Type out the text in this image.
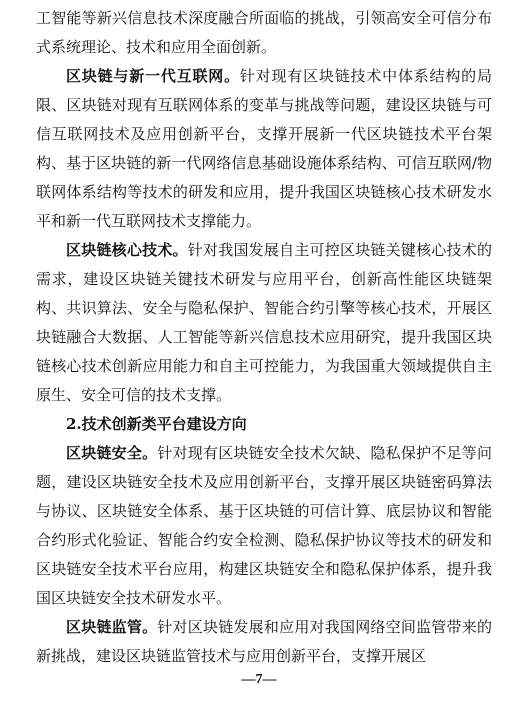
工智能等新兴信息技术深度融合所面临的挑战，引领高安全可信分布式系统理论、技术和应用全面创新。

区块链与新一代互联网。针对现有区块链技术中体系结构的局限、区块链对现有互联网体系的变革与挑战等问题，建设区块链与可信互联网技术及应用创新平台，支撑开展新一代区块链技术平台架构、基于区块链的新一代网络信息基础设施体系结构、可信互联网/物联网体系结构等技术的研发和应用，提升我国区块链核心技术研发水平和新一代互联网技术支撑能力。

区块链核心技术。针对我国发展自主可控区块链关键核心技术的需求，建设区块链关键技术研发与应用平台，创新高性能区块链架构、共识算法、安全与隐私保护、智能合约引擎等核心技术，开展区块链融合大数据、人工智能等新兴信息技术应用研究，提升我国区块链核心技术创新应用能力和自主可控能力，为我国重大领域提供自主原生、安全可信的技术支撑。

2.技术创新类平台建设方向

区块链安全。针对现有区块链安全技术欠缺、隐私保护不足等问题，建设区块链安全技术及应用创新平台，支撑开展区块链密码算法与协议、区块链安全体系、基于区块链的可信计算、底层协议和智能合约形式化验证、智能合约安全检测、隐私保护协议等技术的研发和区块链安全技术平台应用，构建区块链安全和隐私保护体系，提升我国区块链安全技术研发水平。

区块链监管。针对区块链发展和应用对我国网络空间监管带来的新挑战，建设区块链监管技术与应用创新平台，支撑开展区

—7—
